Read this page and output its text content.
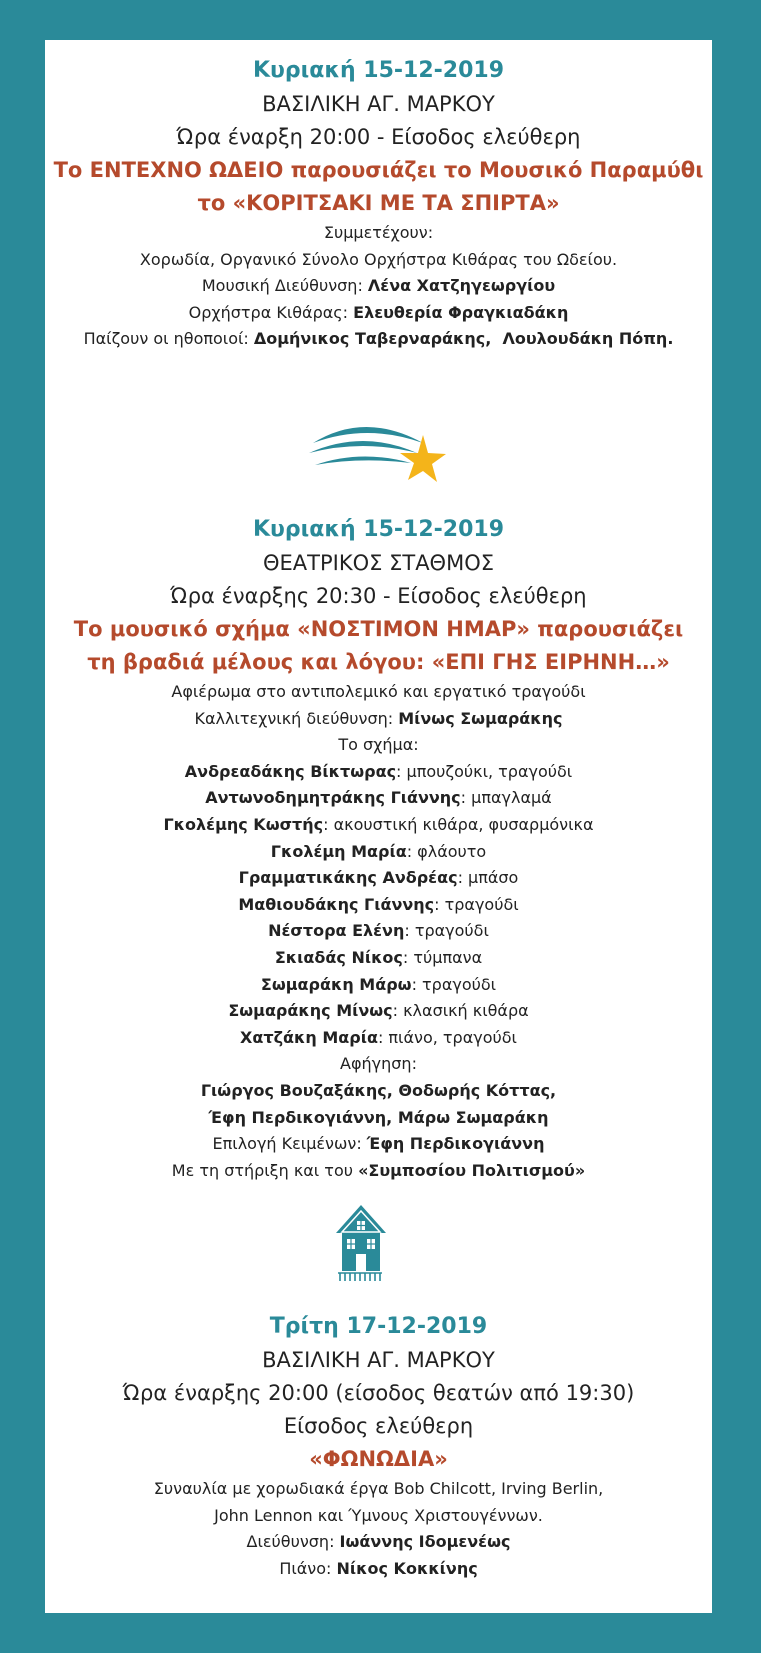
Κυριακή 15-12-2019
ΒΑΣΙΛΙΚΗ ΑΓ. ΜΑΡΚΟΥ
Ώρα έναρξη 20:00 - Είσοδος ελεύθερη
Το ΕΝΤΕΧΝΟ ΩΔΕΙΟ παρουσιάζει το Μουσικό Παραμύθι
το «ΚΟΡΙΤΣΑΚΙ ΜΕ ΤΑ ΣΠΙΡΤΑ»
Συμμετέχουν:
Χορωδία, Οργανικό Σύνολο Ορχήστρα Κιθάρας του Ωδείου.
Μουσική Διεύθυνση: Λένα Χατζηγεωργίου
Ορχήστρα Κιθάρας: Ελευθερία Φραγκιαδάκη
Παίζουν οι ηθοποιοί: Δομήνικος Ταβερναράκης,  Λουλουδάκη Πόπη.
Κυριακή 15-12-2019
ΘΕΑΤΡΙΚΟΣ ΣΤΑΘΜΟΣ
Ώρα έναρξης 20:30 - Είσοδος ελεύθερη
Το μουσικό σχήμα «ΝΟΣΤΙΜΟΝ ΗΜΑΡ» παρουσιάζει
τη βραδιά μέλους και λόγου: «ΕΠΙ ΓΗΣ ΕΙΡΗΝΗ…»
Αφιέρωμα στο αντιπολεμικό και εργατικό τραγούδι
Καλλιτεχνική διεύθυνση: Μίνως Σωμαράκης
Το σχήμα:
Ανδρεαδάκης Βίκτωρας: μπουζούκι, τραγούδι
Αντωνοδημητράκης Γιάννης: μπαγλαμά
Γκολέμης Κωστής: ακουστική κιθάρα, φυσαρμόνικα
Γκολέμη Μαρία: φλάουτο
Γραμματικάκης Ανδρέας: μπάσο
Μαθιουδάκης Γιάννης: τραγούδι
Νέστορα Ελένη: τραγούδι
Σκιαδάς Νίκος: τύμπανα
Σωμαράκη Μάρω: τραγούδι
Σωμαράκης Μίνως: κλασική κιθάρα
Χατζάκη Μαρία: πιάνο, τραγούδι
Αφήγηση:
Γιώργος Βουζαξάκης, Θοδωρής Κόττας,
Έφη Περδικογιάννη, Μάρω Σωμαράκη
Επιλογή Κειμένων: Έφη Περδικογιάννη
Με τη στήριξη και του «Συμποσίου Πολιτισμού»
Τρίτη 17-12-2019
ΒΑΣΙΛΙΚΗ ΑΓ. ΜΑΡΚΟΥ
Ώρα έναρξης 20:00 (είσοδος θεατών από 19:30)
Είσοδος ελεύθερη
«ΦΩΝΩΔΙΑ»
Συναυλία με χορωδιακά έργα Bob Chilcott, Irving Berlin,
John Lennon και Ύμνους Χριστουγέννων.
Διεύθυνση: Ιωάννης Ιδομενέως
Πιάνο: Νίκος Κοκκίνης
